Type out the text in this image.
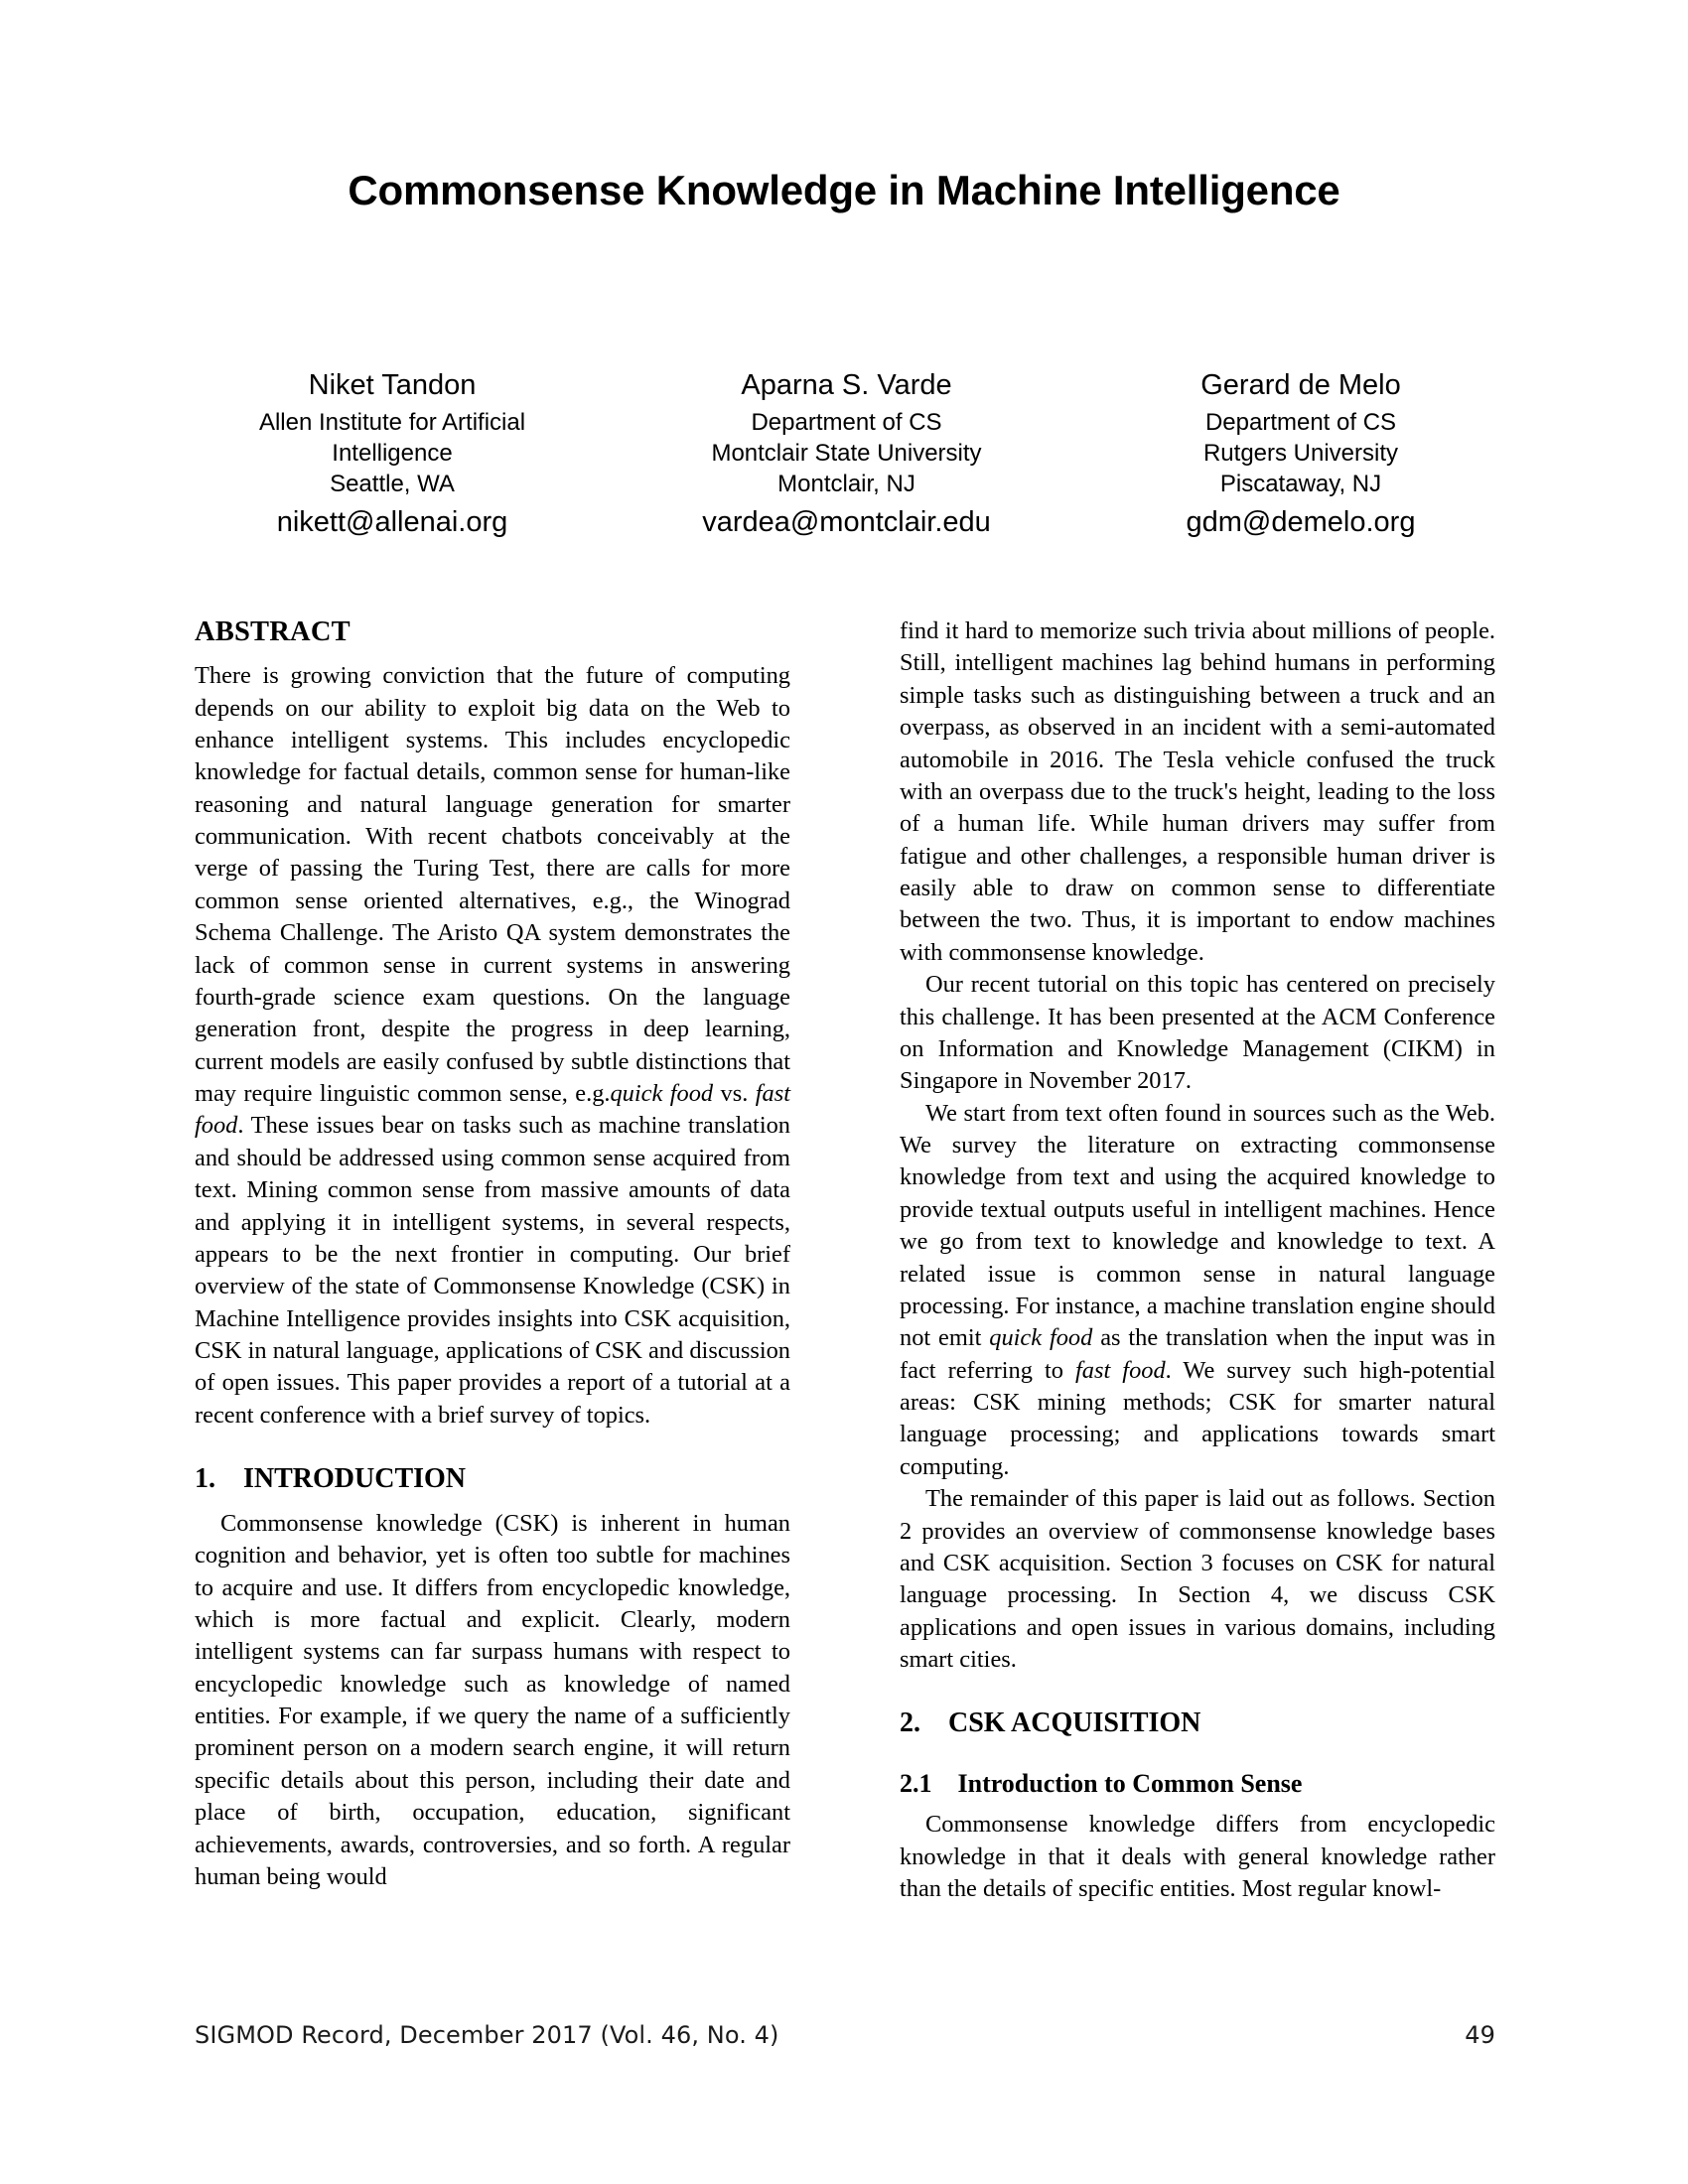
Commonsense Knowledge in Machine Intelligence
Niket Tandon
Allen Institute for Artificial
Intelligence
Seattle, WA
nikett@allenai.org
Aparna S. Varde
Department of CS
Montclair State University
Montclair, NJ
vardea@montclair.edu
Gerard de Melo
Department of CS
Rutgers University
Piscataway, NJ
gdm@demelo.org
ABSTRACT

There is growing conviction that the future of computing depends on our ability to exploit big data on the Web to enhance intelligent systems. This includes encyclopedic knowledge for factual details, common sense for human-like reasoning and natural language generation for smarter communication. With recent chatbots conceivably at the verge of passing the Turing Test, there are calls for more common sense oriented alternatives, e.g., the Winograd Schema Challenge. The Aristo QA system demonstrates the lack of common sense in current systems in answering fourth-grade science exam questions. On the language generation front, despite the progress in deep learning, current models are easily confused by subtle distinctions that may require linguistic common sense, e.g.quick food vs. fast food. These issues bear on tasks such as machine translation and should be addressed using common sense acquired from text. Mining common sense from massive amounts of data and applying it in intelligent systems, in several respects, appears to be the next frontier in computing. Our brief overview of the state of Commonsense Knowledge (CSK) in Machine Intelligence provides insights into CSK acquisition, CSK in natural language, applications of CSK and discussion of open issues. This paper provides a report of a tutorial at a recent conference with a brief survey of topics.

1.    INTRODUCTION

Commonsense knowledge (CSK) is inherent in human cognition and behavior, yet is often too subtle for machines to acquire and use. It differs from encyclopedic knowledge, which is more factual and explicit. Clearly, modern intelligent systems can far surpass humans with respect to encyclopedic knowledge such as knowledge of named entities. For example, if we query the name of a sufficiently prominent person on a modern search engine, it will return specific details about this person, including their date and place of birth, occupation, education, significant achievements, awards, controversies, and so forth. A regular human being would

find it hard to memorize such trivia about millions of people. Still, intelligent machines lag behind humans in performing simple tasks such as distinguishing between a truck and an overpass, as observed in an incident with a semi-automated automobile in 2016. The Tesla vehicle confused the truck with an overpass due to the truck's height, leading to the loss of a human life. While human drivers may suffer from fatigue and other challenges, a responsible human driver is easily able to draw on common sense to differentiate between the two. Thus, it is important to endow machines with commonsense knowledge.

Our recent tutorial on this topic has centered on precisely this challenge. It has been presented at the ACM Conference on Information and Knowledge Management (CIKM) in Singapore in November 2017.

We start from text often found in sources such as the Web. We survey the literature on extracting commonsense knowledge from text and using the acquired knowledge to provide textual outputs useful in intelligent machines. Hence we go from text to knowledge and knowledge to text. A related issue is common sense in natural language processing. For instance, a machine translation engine should not emit quick food as the translation when the input was in fact referring to fast food. We survey such high-potential areas: CSK mining methods; CSK for smarter natural language processing; and applications towards smart computing.

The remainder of this paper is laid out as follows. Section 2 provides an overview of commonsense knowledge bases and CSK acquisition. Section 3 focuses on CSK for natural language processing. In Section 4, we discuss CSK applications and open issues in various domains, including smart cities.

2.    CSK ACQUISITION
2.1    Introduction to Common Sense

Commonsense knowledge differs from encyclopedic knowledge in that it deals with general knowledge rather than the details of specific entities. Most regular knowl-

SIGMOD Record, December 2017 (Vol. 46, No. 4)	49
